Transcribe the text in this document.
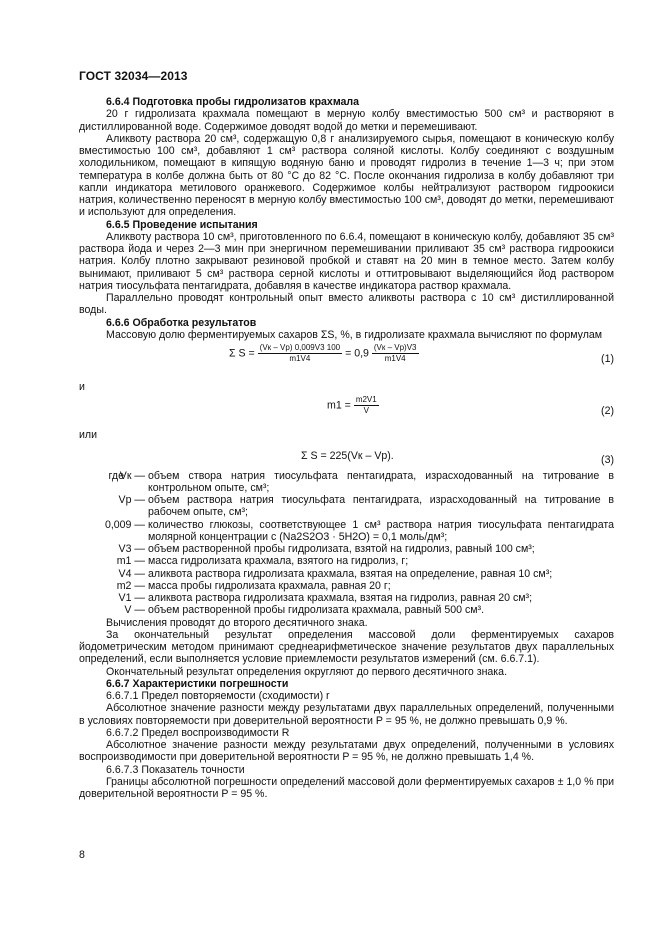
ГОСТ 32034—2013

6.6.4 Подготовка пробы гидролизатов крахмала

20 г гидролизата крахмала помещают в мерную колбу вместимостью 500 см³ и растворяют в дистиллированной воде. Содержимое доводят водой до метки и перемешивают.

Аликвоту раствора 20 см³, содержащую 0,8 г анализируемого сырья, помещают в коническую колбу вместимостью 100 см³, добавляют 1 см³ раствора соляной кислоты. Колбу соединяют с воздушным холодильником, помещают в кипящую водяную баню и проводят гидролиз в течение 1—3 ч; при этом температура в колбе должна быть от 80 °С до 82 °С. После окончания гидролиза в колбу добавляют три капли индикатора метилового оранжевого. Содержимое колбы нейтрализуют раствором гидроокиси натрия, количественно переносят в мерную колбу вместимостью 100 см³, доводят до метки, перемешивают и используют для определения.

6.6.5 Проведение испытания

Аликвоту раствора 10 см³, приготовленного по 6.6.4, помещают в коническую колбу, добавляют 35 см³ раствора йода и через 2—3 мин при энергичном перемешивании приливают 35 см³ раствора гидроокиси натрия. Колбу плотно закрывают резиновой пробкой и ставят на 20 мин в темное место. Затем колбу вынимают, приливают 5 см³ раствора серной кислоты и оттитровывают выделяющийся йод раствором натрия тиосульфата пентагидрата, добавляя в качестве индикатора раствор крахмала.

Параллельно проводят контрольный опыт вместо аликвоты раствора с 10 см³ дистиллированной воды.

6.6.6 Обработка результатов

Массовую долю ферментируемых сахаров ΣS, %, в гидролизате крахмала вычисляют по формулам

Σ $S = \frac{(Vк - Vр) 0,009V3 100}{m1V4} = 0,9 \frac{(Vк - Vр)V3}{m1V4}$	(1)

и

$m1 = \frac{m2V1}{V}$	(2)

или

Σ S = 225(Vк – Vр).	(3)
где
Vк — объем створа натрия тиосульфата пентагидрата, израсходованный на титрование в контрольном опыте, см³;
Vр — объем раствора натрия тиосульфата пентагидрата, израсходованный на титрование в рабочем опыте, см³;
0,009 — количество глюкозы, соответствующее 1 см³ раствора натрия тиосульфата пентагидрата молярной концентрации с (Na2S2O3 · 5H2O) = 0,1 моль/дм³;
V3 — объем растворенной пробы гидролизата, взятой на гидролиз, равный 100 см³;
m1 — масса гидролизата крахмала, взятого на гидролиз, г;
V4 — аликвота раствора гидролизата крахмала, взятая на определение, равная 10 см³;
m2 — масса пробы гидролизата крахмала, равная 20 г;
V1 — аликвота раствора гидролизата крахмала, взятая на гидролиз, равная 20 см³;
V — объем растворенной пробы гидролизата крахмала, равный 500 см³.

Вычисления проводят до второго десятичного знака.

За окончательный результат определения массовой доли ферментируемых сахаров йодометрическим методом принимают среднеарифметическое значение результатов двух параллельных определений, если выполняется условие приемлемости результатов измерений (см. 6.6.7.1).

Окончательный результат определения округляют до первого десятичного знака.

6.6.7 Характеристики погрешности

6.6.7.1 Предел повторяемости (сходимости) r

Абсолютное значение разности между результатами двух параллельных определений, полученными в условиях повторяемости при доверительной вероятности P = 95 %, не должно превышать 0,9 %.

6.6.7.2 Предел воспроизводимости R

Абсолютное значение разности между результатами двух определений, полученными в условиях воспроизводимости при доверительной вероятности P = 95 %, не должно превышать 1,4 %.

6.6.7.3 Показатель точности

Границы абсолютной погрешности определений массовой доли ферментируемых сахаров ± 1,0 % при доверительной вероятности P = 95 %.

8
